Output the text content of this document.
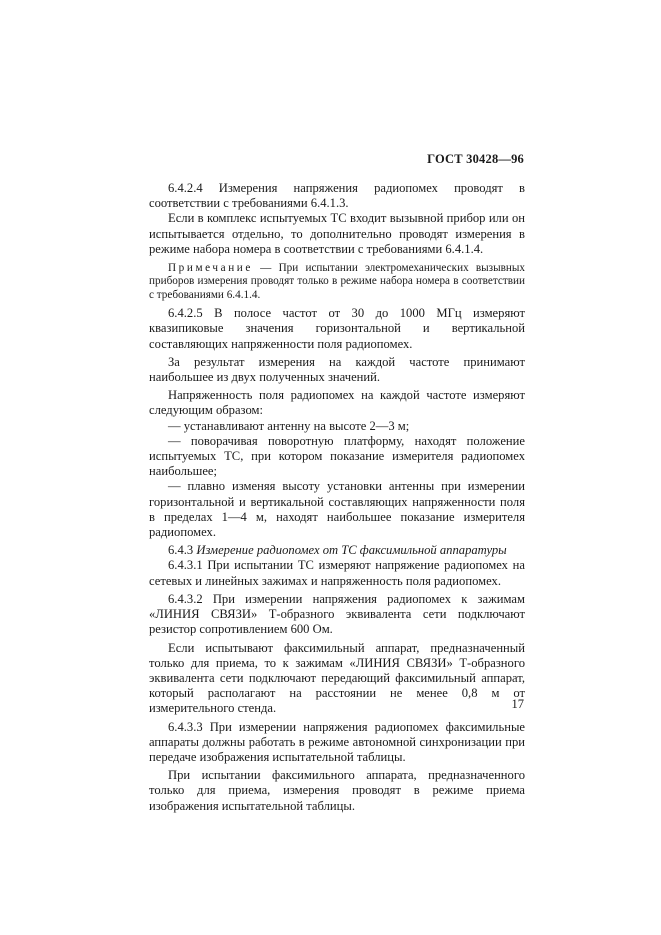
ГОСТ 30428—96

6.4.2.4 Измерения напряжения радиопомех проводят в соответствии с требованиями 6.4.1.3.

Если в комплекс испытуемых ТС входит вызывной прибор или он испытывается отдельно, то дополнительно проводят измерения в режиме набора номера в соответствии с требованиями 6.4.1.4.

Примечание — При испытании электромеханических вызывных приборов измерения проводят только в режиме набора номера в соответствии с требованиями 6.4.1.4.

6.4.2.5 В полосе частот от 30 до 1000 МГц измеряют квазипиковые значения горизонтальной и вертикальной составляющих напряженности поля радиопомех.

За результат измерения на каждой частоте принимают наибольшее из двух полученных значений.

Напряженность поля радиопомех на каждой частоте измеряют следующим образом:

— устанавливают антенну на высоте 2—3 м;

— поворачивая поворотную платформу, находят положение испытуемых ТС, при котором показание измерителя радиопомех наибольшее;

— плавно изменяя высоту установки антенны при измерении горизонтальной и вертикальной составляющих напряженности поля в пределах 1—4 м, находят наибольшее показание измерителя радиопомех.

6.4.3 Измерение радиопомех от ТС факсимильной аппаратуры

6.4.3.1 При испытании ТС измеряют напряжение радиопомех на сетевых и линейных зажимах и напряженность поля радиопомех.

6.4.3.2 При измерении напряжения радиопомех к зажимам «ЛИНИЯ СВЯЗИ» Т-образного эквивалента сети подключают резистор сопротивлением 600 Ом.

Если испытывают факсимильный аппарат, предназначенный только для приема, то к зажимам «ЛИНИЯ СВЯЗИ» Т-образного эквивалента сети подключают передающий факсимильный аппарат, который располагают на расстоянии не менее 0,8 м от измерительного стенда.

6.4.3.3 При измерении напряжения радиопомех факсимильные аппараты должны работать в режиме автономной синхронизации при передаче изображения испытательной таблицы.

При испытании факсимильного аппарата, предназначенного только для приема, измерения проводят в режиме приема изображения испытательной таблицы.

17
